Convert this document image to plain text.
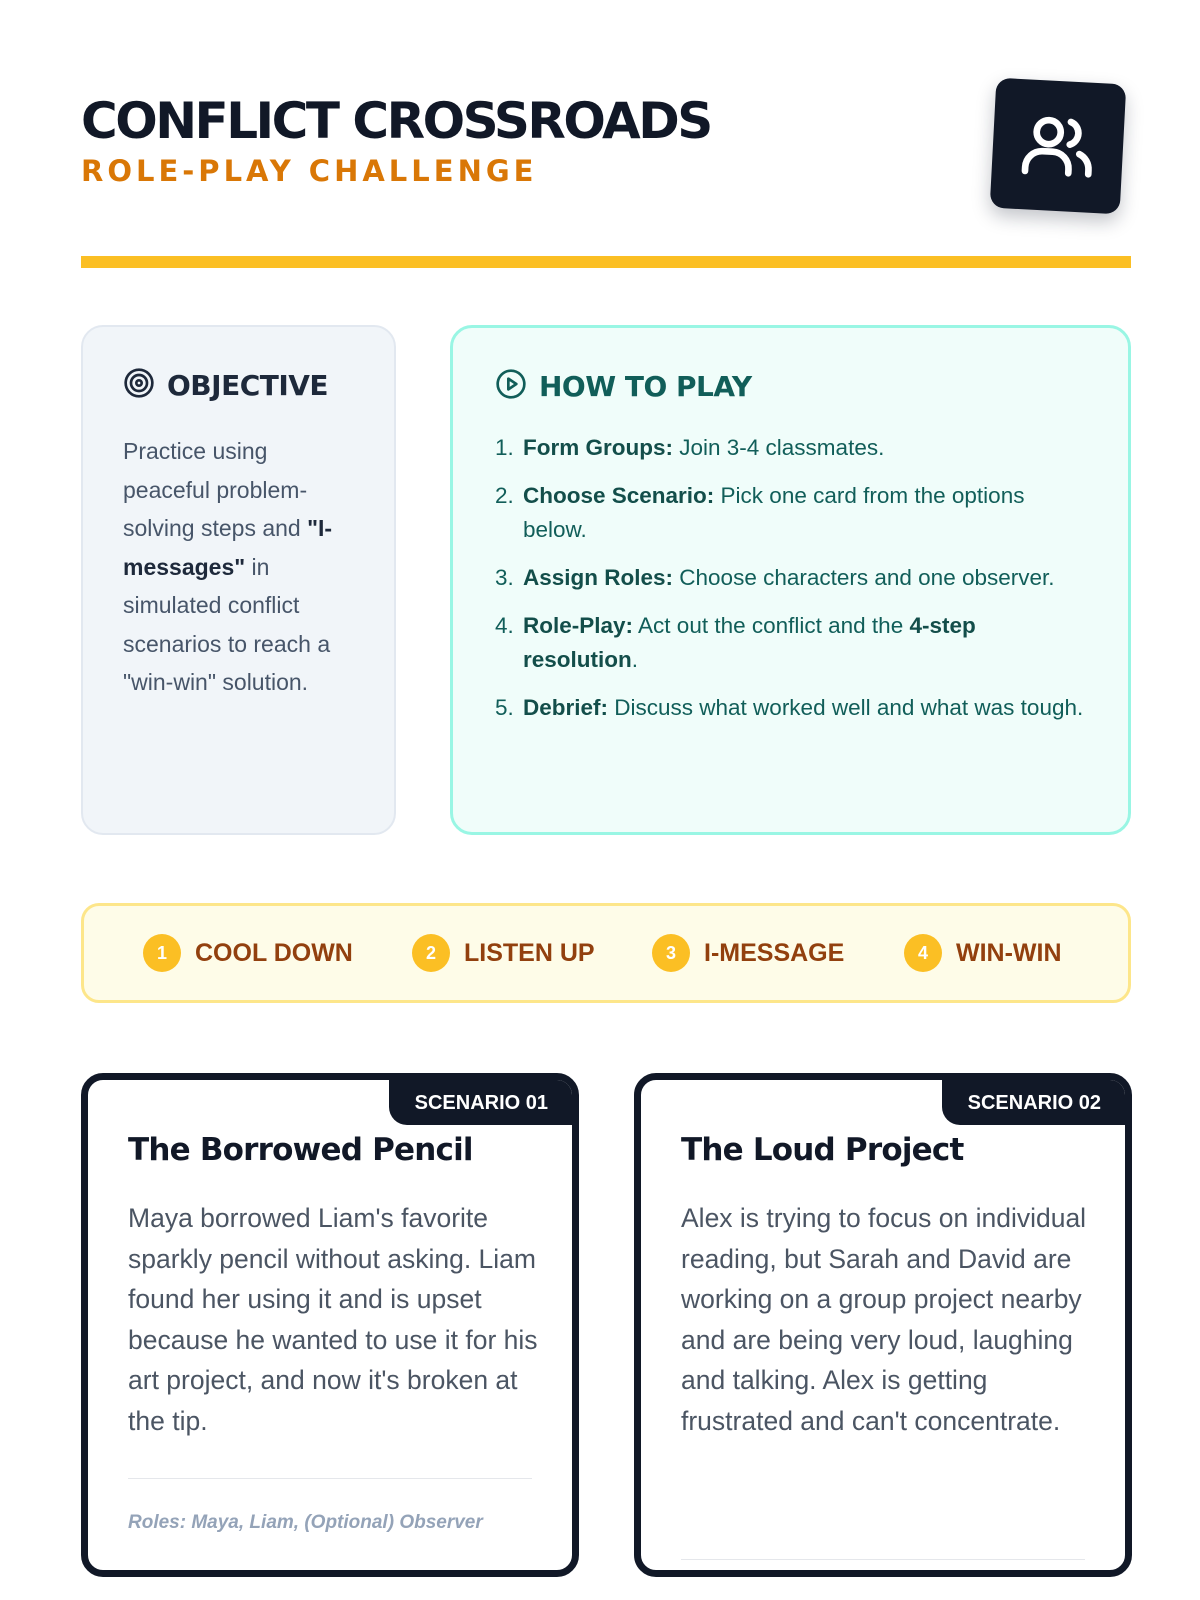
CONFLICT CROSSROADS
ROLE-PLAY CHALLENGE
OBJECTIVE

Practice using peaceful problem-solving steps and "I-messages" in simulated conflict scenarios to reach a "win-win" solution.

HOW TO PLAY
1. Form Groups: Join 3-4 classmates.
2. Choose Scenario: Pick one card from the options below.
3. Assign Roles: Choose characters and one observer.
4. Role-Play: Act out the conflict and the 4-step resolution.
5. Debrief: Discuss what worked well and what was tough.
1	COOL DOWN	2	LISTEN UP	3	I-MESSAGE	4	WIN-WIN
SCENARIO 01
The Borrowed Pencil

Maya borrowed Liam's favorite sparkly pencil without asking. Liam found her using it and is upset because he wanted to use it for his art project, and now it's broken at the tip.

Roles: Maya, Liam, (Optional) Observer
SCENARIO 02
The Loud Project

Alex is trying to focus on individual reading, but Sarah and David are working on a group project nearby and are being very loud, laughing and talking. Alex is getting frustrated and can't concentrate.
